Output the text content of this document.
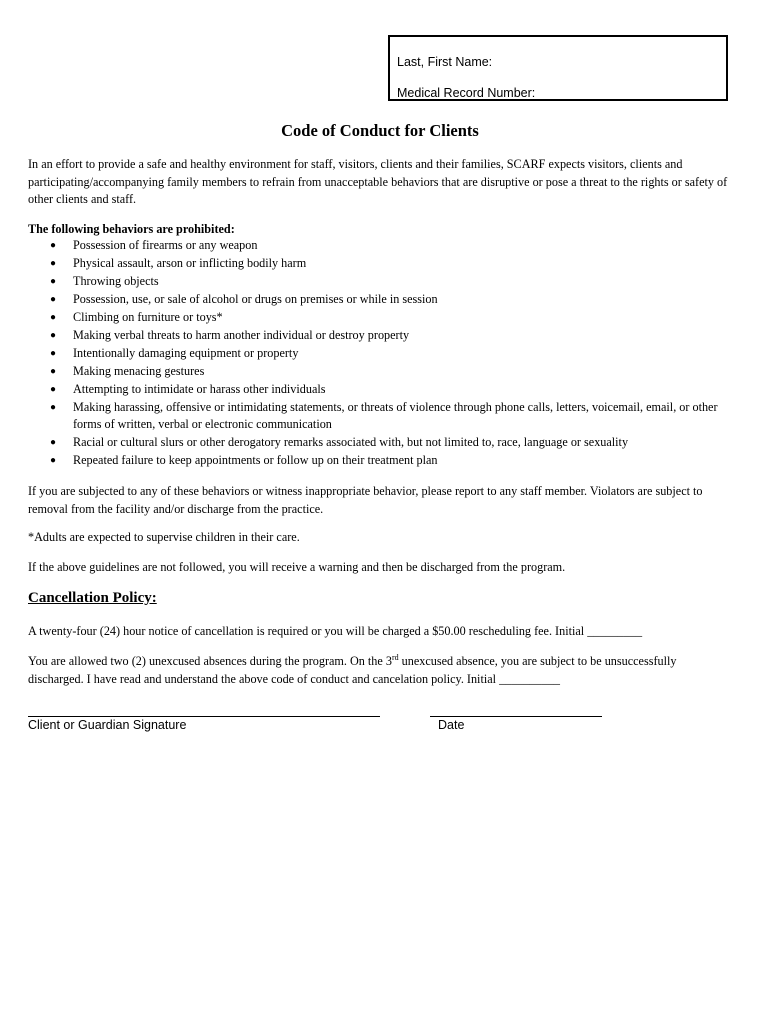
Last, First Name:
Medical Record Number:
Code of Conduct for Clients
In an effort to provide a safe and healthy environment for staff, visitors, clients and their families, SCARF expects visitors, clients and participating/accompanying family members to refrain from unacceptable behaviors that are disruptive or pose a threat to the rights or safety of other clients and staff.
The following behaviors are prohibited:
● Possession of firearms or any weapon
● Physical assault, arson or inflicting bodily harm
● Throwing objects
● Possession, use, or sale of alcohol or drugs on premises or while in session
● Climbing on furniture or toys*
● Making verbal threats to harm another individual or destroy property
● Intentionally damaging equipment or property
● Making menacing gestures
● Attempting to intimidate or harass other individuals
● Making harassing, offensive or intimidating statements, or threats of violence through phone calls, letters, voicemail, email, or other forms of written, verbal or electronic communication
● Racial or cultural slurs or other derogatory remarks associated with, but not limited to, race, language or sexuality
● Repeated failure to keep appointments or follow up on their treatment plan
If you are subjected to any of these behaviors or witness inappropriate behavior, please report to any staff member. Violators are subject to removal from the facility and/or discharge from the practice.
*Adults are expected to supervise children in their care.
If the above guidelines are not followed, you will receive a warning and then be discharged from the program.
Cancellation Policy:
A twenty-four (24) hour notice of cancellation is required or you will be charged a $50.00 rescheduling fee. Initial _________
You are allowed two (2) unexcused absences during the program. On the 3rd unexcused absence, you are subject to be unsuccessfully discharged. I have read and understand the above code of conduct and cancelation policy. Initial __________
Client or Guardian Signature	Date
